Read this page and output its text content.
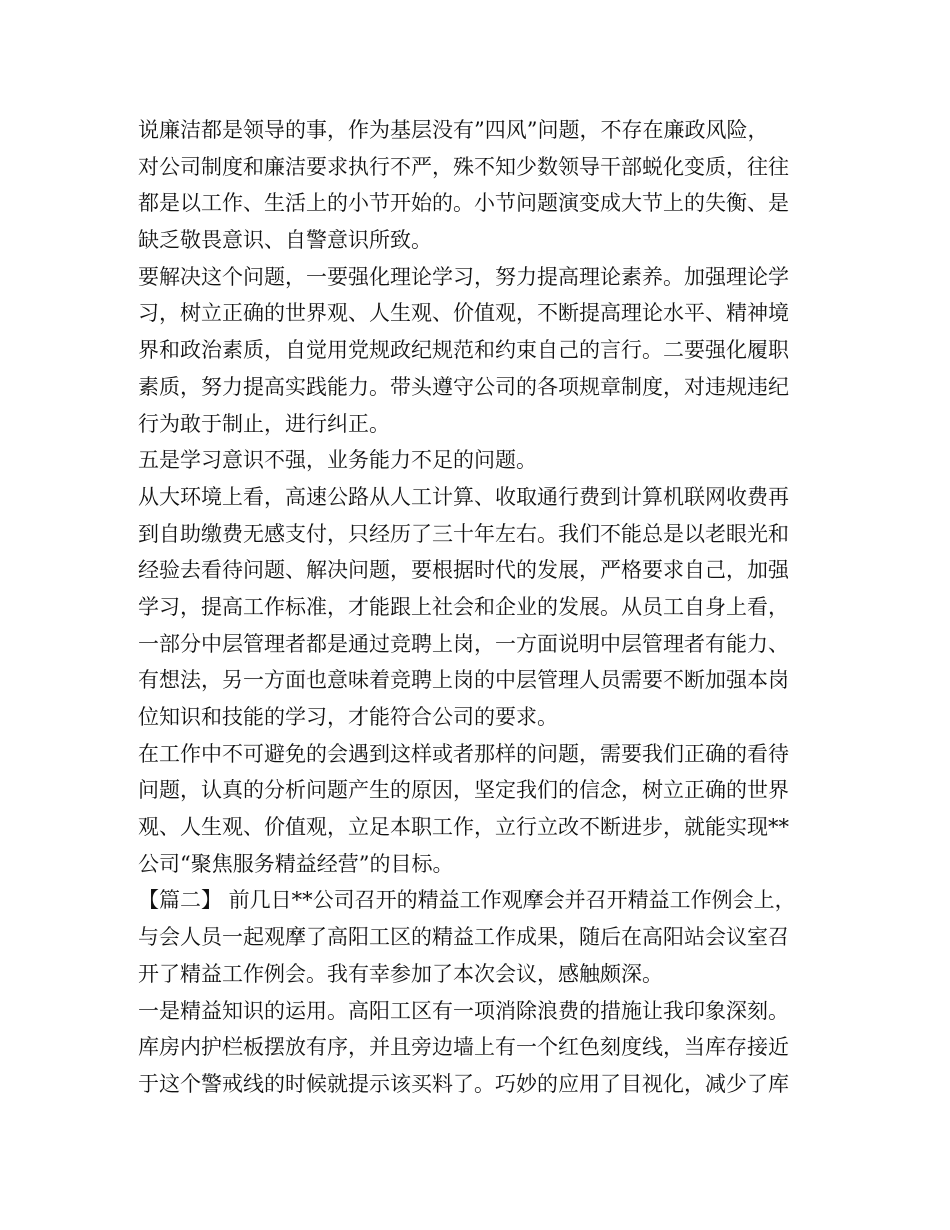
说廉洁都是领导的事，作为基层没有”四风”问题，不存在廉政风险，
对公司制度和廉洁要求执行不严，殊不知少数领导干部蜕化变质，往往
都是以工作、生活上的小节开始的。小节问题演变成大节上的失衡、是
缺乏敬畏意识、自警意识所致。
要解决这个问题，一要强化理论学习，努力提高理论素养。加强理论学
习，树立正确的世界观、人生观、价值观，不断提高理论水平、精神境
界和政治素质，自觉用党规政纪规范和约束自己的言行。二要强化履职
素质，努力提高实践能力。带头遵守公司的各项规章制度，对违规违纪
行为敢于制止，进行纠正。
五是学习意识不强，业务能力不足的问题。
从大环境上看，高速公路从人工计算、收取通行费到计算机联网收费再
到自助缴费无感支付，只经历了三十年左右。我们不能总是以老眼光和
经验去看待问题、解决问题，要根据时代的发展，严格要求自己，加强
学习，提高工作标准，才能跟上社会和企业的发展。从员工自身上看，
一部分中层管理者都是通过竞聘上岗，一方面说明中层管理者有能力、
有想法，另一方面也意味着竞聘上岗的中层管理人员需要不断加强本岗
位知识和技能的学习，才能符合公司的要求。
在工作中不可避免的会遇到这样或者那样的问题，需要我们正确的看待
问题，认真的分析问题产生的原因，坚定我们的信念，树立正确的世界
观、人生观、价值观，立足本职工作，立行立改不断进步，就能实现**
公司“聚焦服务精益经营”的目标。
【篇二】 前几日**公司召开的精益工作观摩会并召开精益工作例会上，
与会人员一起观摩了高阳工区的精益工作成果，随后在高阳站会议室召
开了精益工作例会。我有幸参加了本次会议，感触颇深。
一是精益知识的运用。高阳工区有一项消除浪费的措施让我印象深刻。
库房内护栏板摆放有序，并且旁边墙上有一个红色刻度线，当库存接近
于这个警戒线的时候就提示该买料了。巧妙的应用了目视化，减少了库
